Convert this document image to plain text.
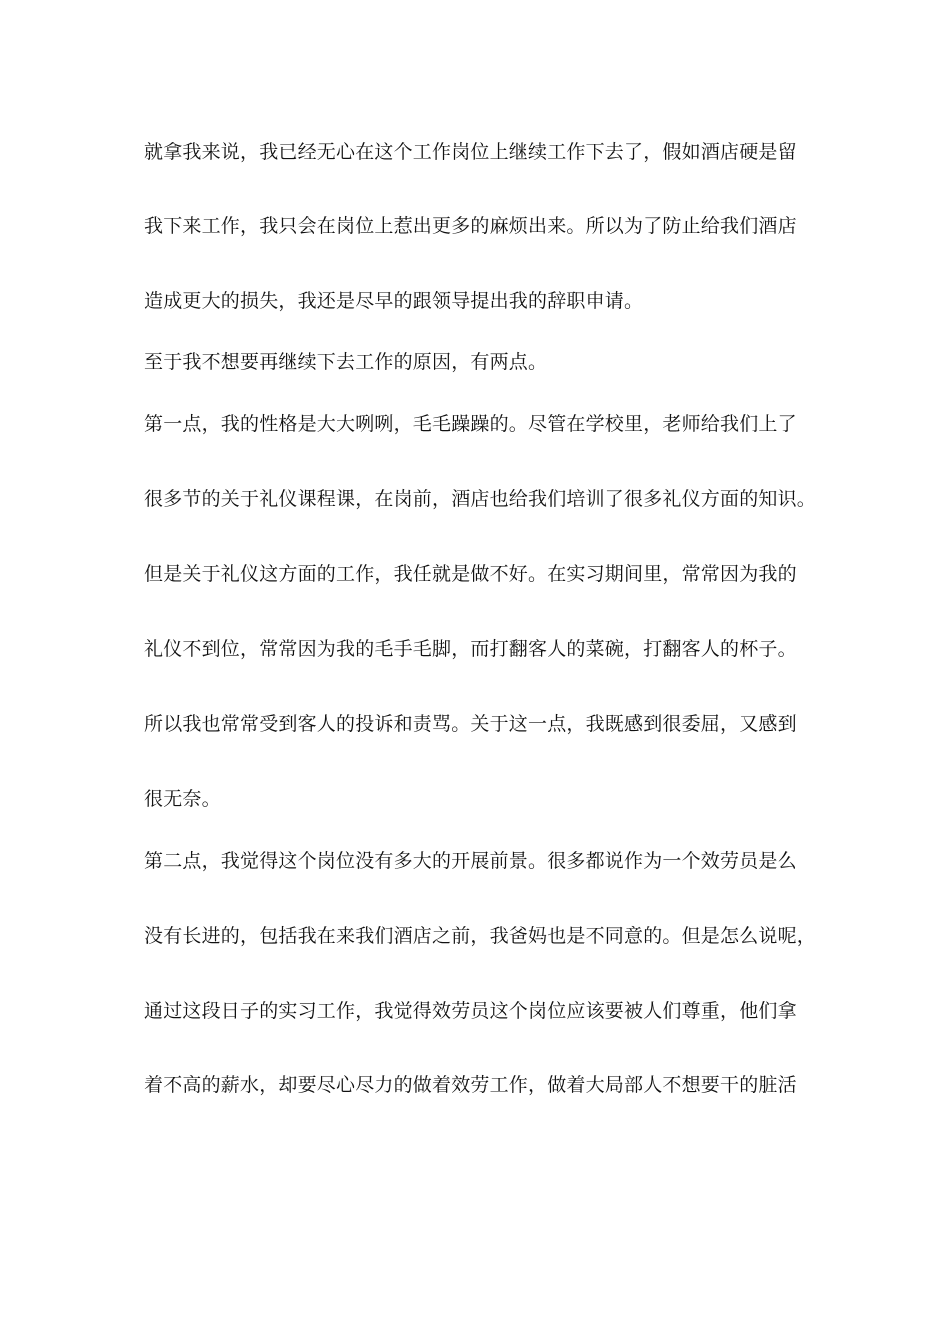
就拿我来说，我已经无心在这个工作岗位上继续工作下去了，假如酒店硬是留
我下来工作，我只会在岗位上惹出更多的麻烦出来。所以为了防止给我们酒店
造成更大的损失，我还是尽早的跟领导提出我的辞职申请。
至于我不想要再继续下去工作的原因，有两点。
第一点，我的性格是大大咧咧，毛毛躁躁的。尽管在学校里，老师给我们上了
很多节的关于礼仪课程课，在岗前，酒店也给我们培训了很多礼仪方面的知识。
但是关于礼仪这方面的工作，我任就是做不好。在实习期间里，常常因为我的
礼仪不到位，常常因为我的毛手毛脚，而打翻客人的菜碗，打翻客人的杯子。
所以我也常常受到客人的投诉和责骂。关于这一点，我既感到很委屈，又感到
很无奈。
第二点，我觉得这个岗位没有多大的开展前景。很多都说作为一个效劳员是么
没有长进的，包括我在来我们酒店之前，我爸妈也是不同意的。但是怎么说呢，
通过这段日子的实习工作，我觉得效劳员这个岗位应该要被人们尊重，他们拿
着不高的薪水，却要尽心尽力的做着效劳工作，做着大局部人不想要干的脏活
